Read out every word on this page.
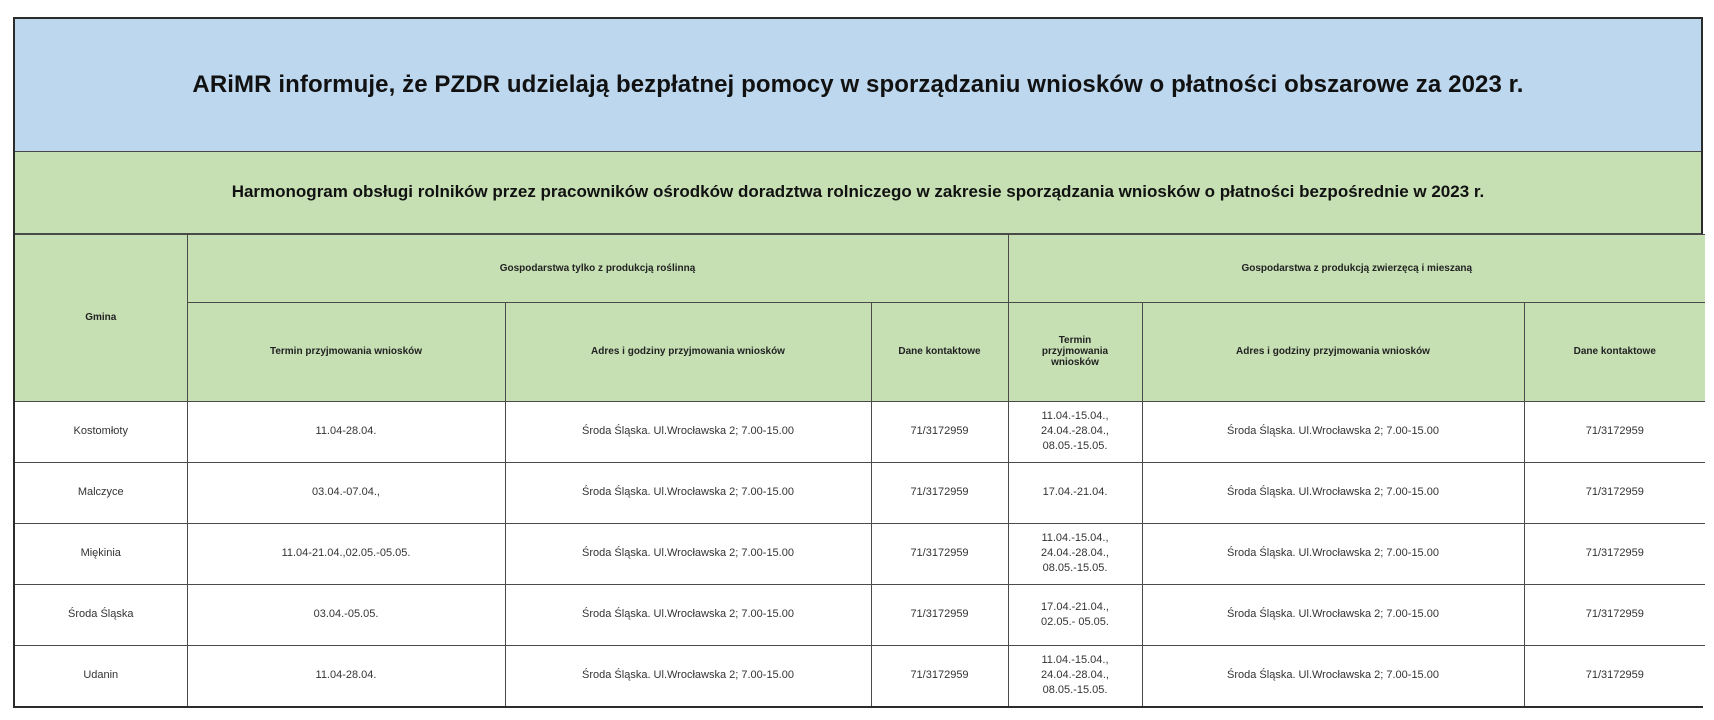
ARiMR informuje, że PZDR udzielają bezpłatnej pomocy w sporządzaniu wniosków o płatności obszarowe za 2023 r.
Harmonogram obsługi rolników przez pracowników ośrodków doradztwa rolniczego w zakresie sporządzania wniosków o płatności bezpośrednie w 2023 r.
Gmina	Gospodarstwa tylko z produkcją roślinną			Gospodarstwa z produkcją zwierzęcą i mieszaną		
	Termin przyjmowania wniosków	Adres i godziny przyjmowania wniosków	Dane kontaktowe	Termin przyjmowania wniosków	Adres i godziny przyjmowania wniosków	Dane kontaktowe
Kostomłoty	11.04-28.04.	Środa Śląska. Ul.Wrocławska 2; 7.00-15.00	71/3172959	11.04.-15.04.,
24.04.-28.04.,
08.05.-15.05.	Środa Śląska. Ul.Wrocławska 2; 7.00-15.00	71/3172959
Malczyce	03.04.-07.04.,	Środa Śląska. Ul.Wrocławska 2; 7.00-15.00	71/3172959	17.04.-21.04.	Środa Śląska. Ul.Wrocławska 2; 7.00-15.00	71/3172959
Miękinia	11.04-21.04.,02.05.-05.05.	Środa Śląska. Ul.Wrocławska 2; 7.00-15.00	71/3172959	11.04.-15.04.,
24.04.-28.04.,
08.05.-15.05.	Środa Śląska. Ul.Wrocławska 2; 7.00-15.00	71/3172959
Środa Śląska	03.04.-05.05.	Środa Śląska. Ul.Wrocławska 2; 7.00-15.00	71/3172959	17.04.-21.04.,
02.05.- 05.05.	Środa Śląska. Ul.Wrocławska 2; 7.00-15.00	71/3172959
Udanin	11.04-28.04.	Środa Śląska. Ul.Wrocławska 2; 7.00-15.00	71/3172959	11.04.-15.04.,
24.04.-28.04.,
08.05.-15.05.	Środa Śląska. Ul.Wrocławska 2; 7.00-15.00	71/3172959
